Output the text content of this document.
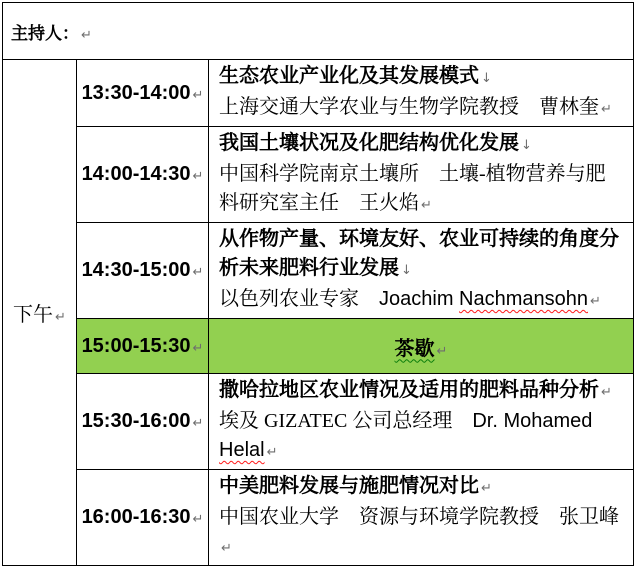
主持人： ↵		
下午 ↵	13:30-14:00 ↵	生态农业产业化及其发展模式 ↓
上海交通大学农业与生物学院教授　曹林奎 ↵

	14:00-14:30 ↵	我国土壤状况及化肥结构优化发展 ↓
中国科学院南京土壤所　土壤-植物营养与肥料研究室主任　王火焰 ↵

	14:30-15:00 ↵	从作物产量、环境友好、农业可持续的角度分析未来肥料行业发展 ↓
以色列农业专家　Joachim Nachmansohn ↵

	15:00-15:30 ↵	茶歇 ↵
	15:30-16:00 ↵	撒哈拉地区农业情况及适用的肥料品种分析 ↵
埃及 GIZATEC 公司总经理　Dr. Mohamed Helal ↵

	16:00-16:30 ↵	中美肥料发展与施肥情况对比 ↵
中国农业大学　资源与环境学院教授　张卫峰↵
